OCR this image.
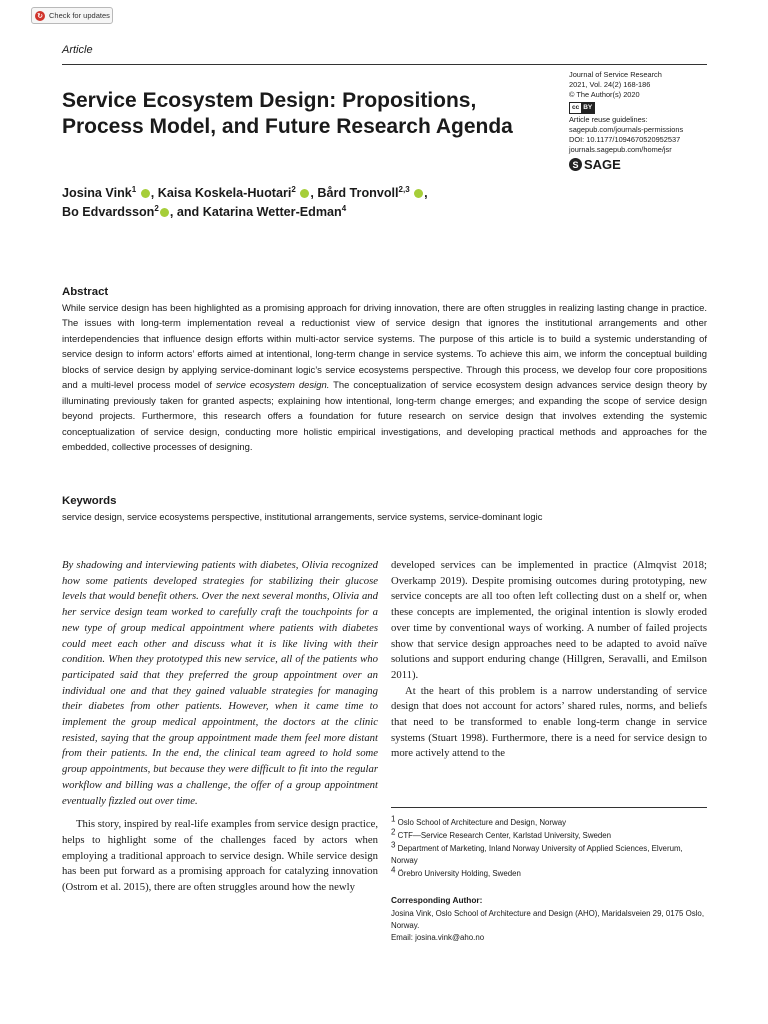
↻ Check for updates
Article
Service Ecosystem Design: Propositions, Process Model, and Future Research Agenda
Journal of Service Research
2021, Vol. 24(2) 168-186
© The Author(s) 2020
cc BY
Article reuse guidelines:
sagepub.com/journals-permissions
DOI: 10.1177/1094670520952537
journals.sagepub.com/home/jsr
S SAGE
Josina Vink$^1$ , Kaisa Koskela-Huotari$^2$ , Bård Tronvoll$^{2,3}$ ,
Bo Edvardsson$^2$ , and Katarina Wetter-Edman$^4$
Abstract

While service design has been highlighted as a promising approach for driving innovation, there are often struggles in realizing lasting change in practice. The issues with long-term implementation reveal a reductionist view of service design that ignores the institutional arrangements and other interdependencies that influence design efforts within multi-actor service systems. The purpose of this article is to build a systemic understanding of service design to inform actors’ efforts aimed at intentional, long-term change in service systems. To achieve this aim, we inform the conceptual building blocks of service design by applying service-dominant logic’s service ecosystems perspective. Through this process, we develop four core propositions and a multi-level process model of service ecosystem design. The conceptualization of service ecosystem design advances service design theory by illuminating previously taken for granted aspects; explaining how intentional, long-term change emerges; and expanding the scope of service design beyond projects. Furthermore, this research offers a foundation for future research on service design that involves extending the systemic conceptualization of service design, conducting more holistic empirical investigations, and developing practical methods and approaches for the embedded, collective processes of designing.

Keywords
service design, service ecosystems perspective, institutional arrangements, service systems, service-dominant logic

By shadowing and interviewing patients with diabetes, Olivia recognized how some patients developed strategies for stabilizing their glucose levels that would benefit others. Over the next several months, Olivia and her service design team worked to carefully craft the touchpoints for a new type of group medical appointment where patients with diabetes could meet each other and discuss what it is like living with their condition. When they prototyped this new service, all of the patients who participated said that they preferred the group appointment over an individual one and that they gained valuable strategies for managing their diabetes from other patients. However, when it came time to implement the group medical appointment, the doctors at the clinic resisted, saying that the group appointment made them feel more distant from their patients. In the end, the clinical team agreed to hold some group appointments, but because they were difficult to fit into the regular workflow and billing was a challenge, the offer of a group appointment eventually fizzled out over time.

This story, inspired by real-life examples from service design practice, helps to highlight some of the challenges faced by actors when employing a traditional approach to service design. While service design has been put forward as a promising approach for catalyzing innovation (Ostrom et al. 2015), there are often struggles around how the newly

developed services can be implemented in practice (Almqvist 2018; Overkamp 2019). Despite promising outcomes during prototyping, new service concepts are all too often left collecting dust on a shelf or, when these concepts are implemented, the original intention is slowly eroded over time by conventional ways of working. A number of failed projects show that service design approaches need to be adapted to avoid naïve solutions and support enduring change (Hillgren, Seravalli, and Emilson 2011).

At the heart of this problem is a narrow understanding of service design that does not account for actors’ shared rules, norms, and beliefs that need to be transformed to enable long-term change in service systems (Stuart 1998). Furthermore, there is a need for service design to more actively attend to the

$^1$ Oslo School of Architecture and Design, Norway

$^2$ CTF—Service Research Center, Karlstad University, Sweden

$^3$ Department of Marketing, Inland Norway University of Applied Sciences, Elverum, Norway

$^4$ Örebro University Holding, Sweden

Corresponding Author:
Josina Vink, Oslo School of Architecture and Design (AHO), Maridalsveien 29, 0175 Oslo, Norway.
Email: josina.vink@aho.no
